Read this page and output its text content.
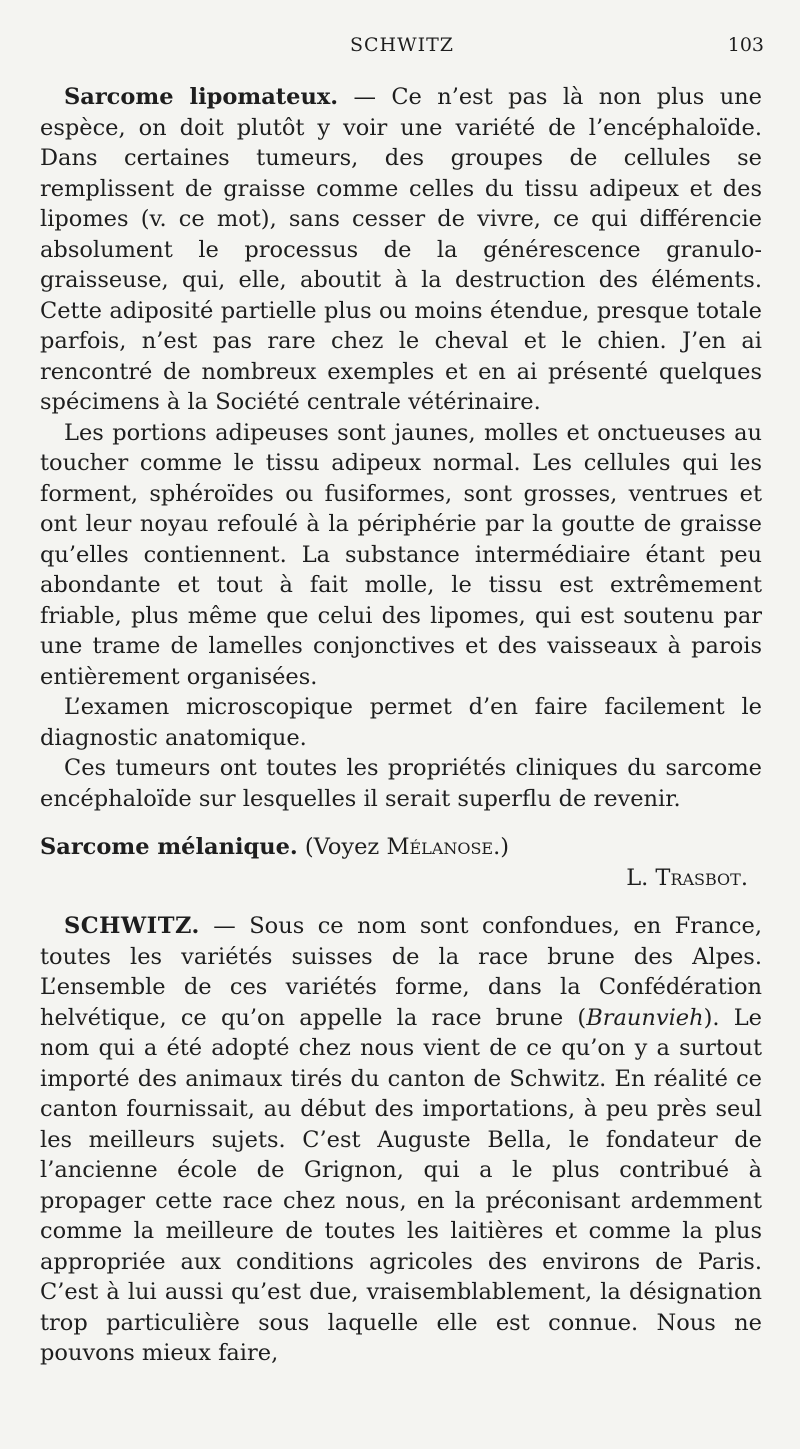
SCHWITZ	103

Sarcome lipomateux. — Ce n’est pas là non plus une espèce, on doit plutôt y voir une variété de l’encéphaloïde. Dans certaines tumeurs, des groupes de cellules se remplissent de graisse comme celles du tissu adipeux et des lipomes (v. ce mot), sans cesser de vivre, ce qui différencie absolument le processus de la générescence granulo-graisseuse, qui, elle, aboutit à la destruction des éléments. Cette adiposité partielle plus ou moins étendue, presque totale parfois, n’est pas rare chez le cheval et le chien. J’en ai rencontré de nombreux exemples et en ai présenté quelques spécimens à la Société centrale vétérinaire.

Les portions adipeuses sont jaunes, molles et onctueuses au toucher comme le tissu adipeux normal. Les cellules qui les forment, sphéroïdes ou fusiformes, sont grosses, ventrues et ont leur noyau refoulé à la périphérie par la goutte de graisse qu’elles contiennent. La substance intermédiaire étant peu abondante et tout à fait molle, le tissu est extrêmement friable, plus même que celui des lipomes, qui est soutenu par une trame de lamelles conjonctives et des vaisseaux à parois entièrement organisées.

L’examen microscopique permet d’en faire facilement le diagnostic anatomique.

Ces tumeurs ont toutes les propriétés cliniques du sarcome encéphaloïde sur lesquelles il serait superflu de revenir.

Sarcome mélanique. (Voyez Mélanose.)

L. Trasbot.

SCHWITZ. — Sous ce nom sont confondues, en France, toutes les variétés suisses de la race brune des Alpes. L’ensemble de ces variétés forme, dans la Confédération helvétique, ce qu’on appelle la race brune (Braunvieh). Le nom qui a été adopté chez nous vient de ce qu’on y a surtout importé des animaux tirés du canton de Schwitz. En réalité ce canton fournissait, au début des importations, à peu près seul les meilleurs sujets. C’est Auguste Bella, le fondateur de l’ancienne école de Grignon, qui a le plus contribué à propager cette race chez nous, en la préconisant ardemment comme la meilleure de toutes les laitières et comme la plus appropriée aux conditions agricoles des environs de Paris. C’est à lui aussi qu’est due, vraisemblablement, la désignation trop particulière sous laquelle elle est connue. Nous ne pouvons mieux faire,
